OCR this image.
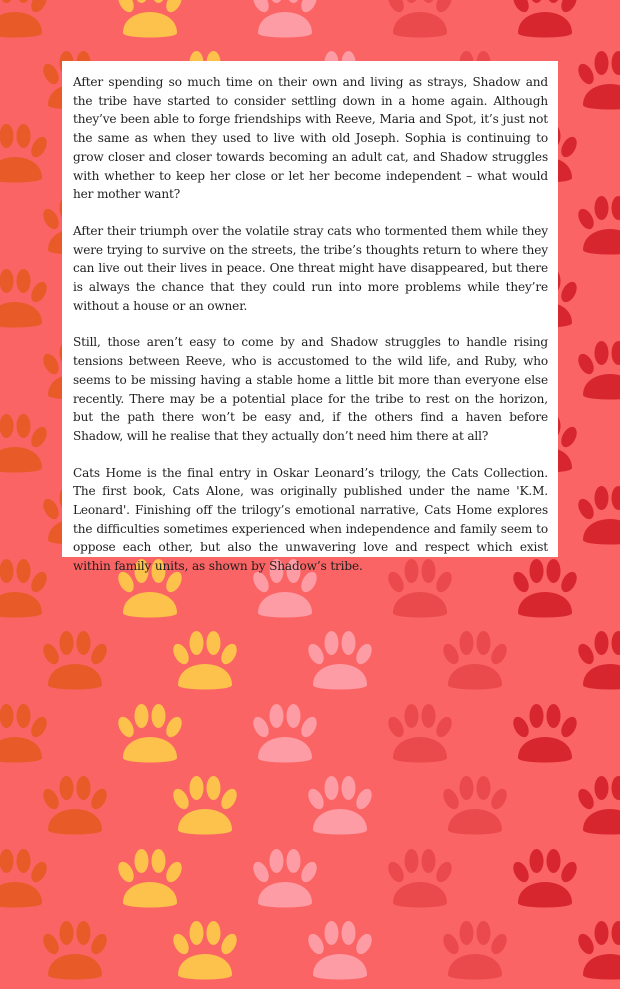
After spending so much time on their own and living as strays, Shadow and the tribe have started to consider settling down in a home again. Although they’ve been able to forge friendships with Reeve, Maria and Spot, it’s just not the same as when they used to live with old Joseph. Sophia is continuing to grow closer and closer towards becoming an adult cat, and Shadow struggles with whether to keep her close or let her become independent – what would her mother want?

After their triumph over the volatile stray cats who tormented them while they were trying to survive on the streets, the tribe’s thoughts return to where they can live out their lives in peace. One threat might have disappeared, but there is always the chance that they could run into more problems while they’re without a house or an owner.

Still, those aren’t easy to come by and Shadow struggles to handle rising tensions between Reeve, who is accustomed to the wild life, and Ruby, who seems to be missing having a stable home a little bit more than everyone else recently. There may be a potential place for the tribe to rest on the horizon, but the path there won’t be easy and, if the others find a haven before Shadow, will he realise that they actually don’t need him there at all?

Cats Home is the final entry in Oskar Leonard’s trilogy, the Cats Collection. The first book, Cats Alone, was originally published under the name 'K.M. Leonard'. Finishing off the trilogy’s emotional narrative, Cats Home explores the difficulties sometimes experienced when independence and family seem to oppose each other, but also the unwavering love and respect which exist within family units, as shown by Shadow’s tribe.
